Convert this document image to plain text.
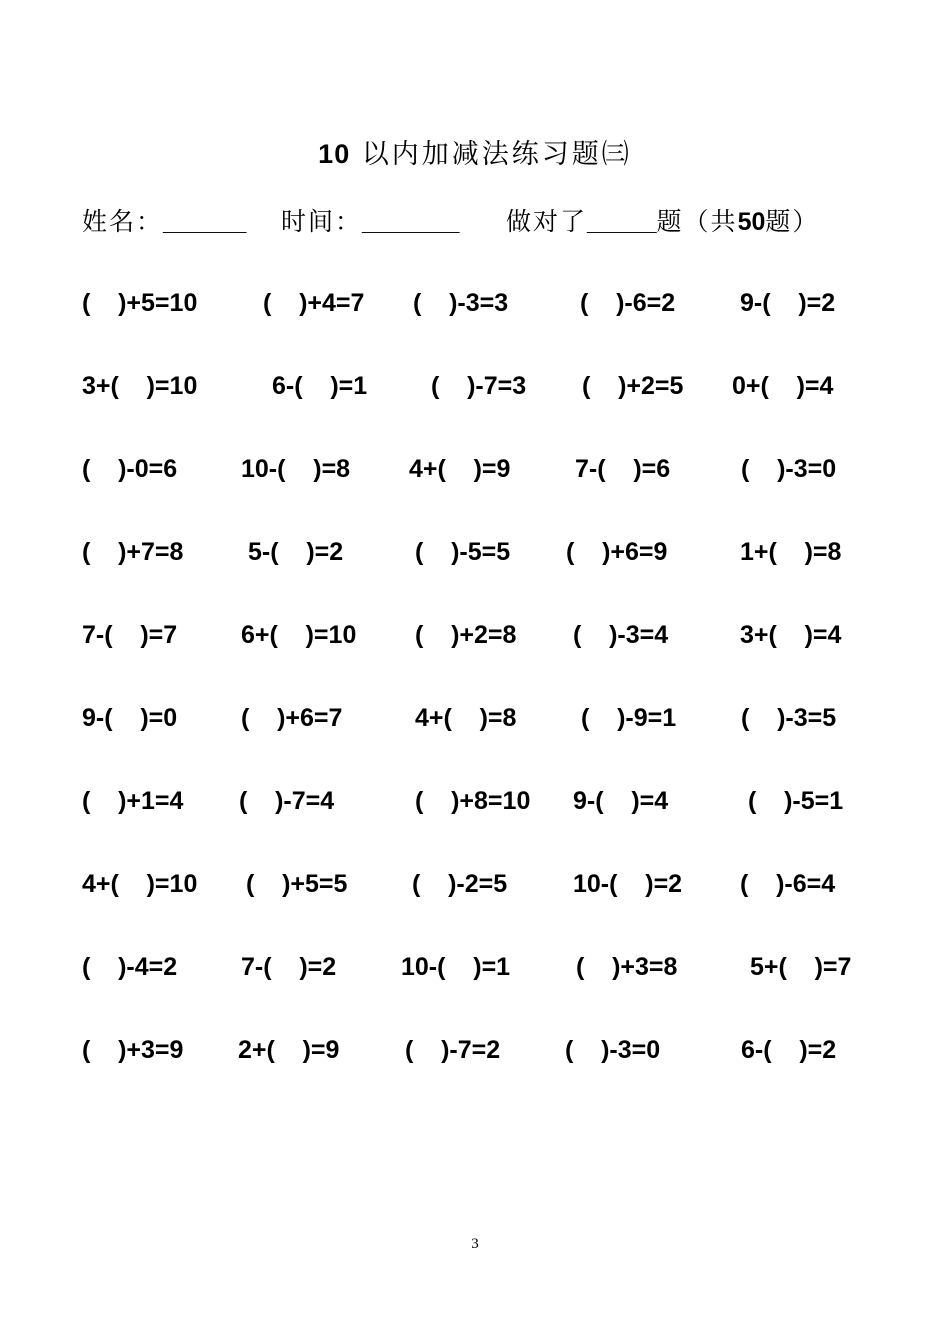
10 以内加减法练习题㈢
姓名：______ 时间：_______ 做对了_____题（共50题）
(    )+5=10	(    )+4=7 (    )-3=3	(    )-6=2	9-(    )=2
3+(    )=10	6-(    )=1	(    )-7=3 (    )+2=5 0+(    )=4
(    )-0=6	10-(    )=8 4+(    )=9	7-(    )=6	(    )-3=0
(    )+7=8	5-(    )=2	(    )-5=5 (    )+6=9	1+(    )=8
7-(    )=7	6+(    )=10 (    )+2=8 (    )-3=4	3+(    )=4
9-(    )=0	(    )+6=7	4+(    )=8	(    )-9=1	(    )-3=5
(    )+1=4 (    )-7=4	(    )+8=10 9-(    )=4	(    )-5=1
4+(    )=10 (    )+5=5	(    )-2=5	10-(    )=2 (    )-6=4
(    )-4=2	7-(    )=2	10-(    )=1	(    )+3=8	5+(    )=7
(    )+3=9 2+(    )=9	(    )-7=2	(    )-3=0	6-(    )=2
3
